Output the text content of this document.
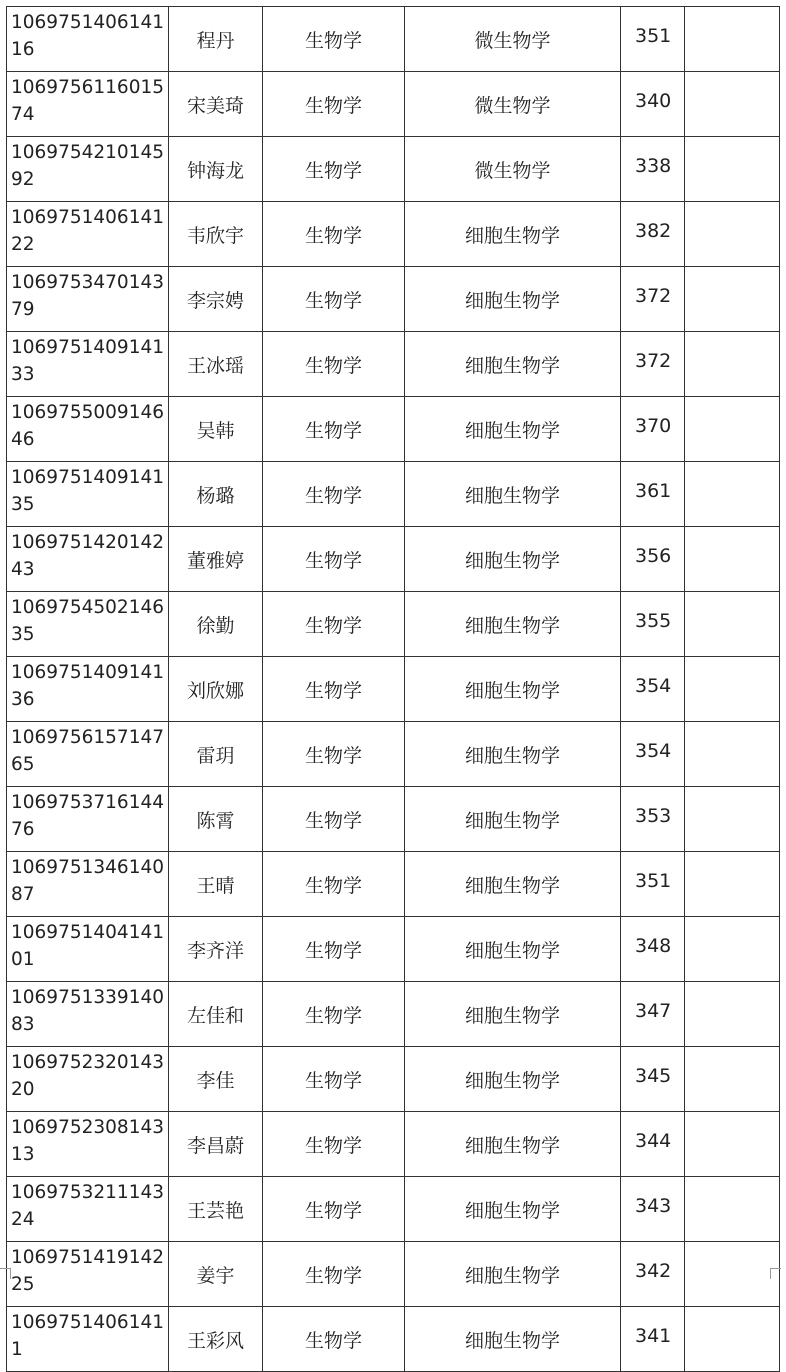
106975140614116	程丹	生物学	微生物学	351	
106975611601574	宋美琦	生物学	微生物学	340	
106975421014592	钟海龙	生物学	微生物学	338	
106975140614122	韦欣宇	生物学	细胞生物学	382	
106975347014379	李宗娉	生物学	细胞生物学	372	
106975140914133	王冰瑶	生物学	细胞生物学	372	
106975500914646	吴韩	生物学	细胞生物学	370	
106975140914135	杨璐	生物学	细胞生物学	361	
106975142014243	董雅婷	生物学	细胞生物学	356	
106975450214635	徐勤	生物学	细胞生物学	355	
106975140914136	刘欣娜	生物学	细胞生物学	354	
106975615714765	雷玥	生物学	细胞生物学	354	
106975371614476	陈霄	生物学	细胞生物学	353	
106975134614087	王晴	生物学	细胞生物学	351	
106975140414101	李齐洋	生物学	细胞生物学	348	
106975133914083	左佳和	生物学	细胞生物学	347	
106975232014320	李佳	生物学	细胞生物学	345	
106975230814313	李昌蔚	生物学	细胞生物学	344	
106975321114324	王芸艳	生物学	细胞生物学	343	
106975141914225	姜宇	生物学	细胞生物学	342	
10697514061411	王彩风	生物学	细胞生物学	341	
